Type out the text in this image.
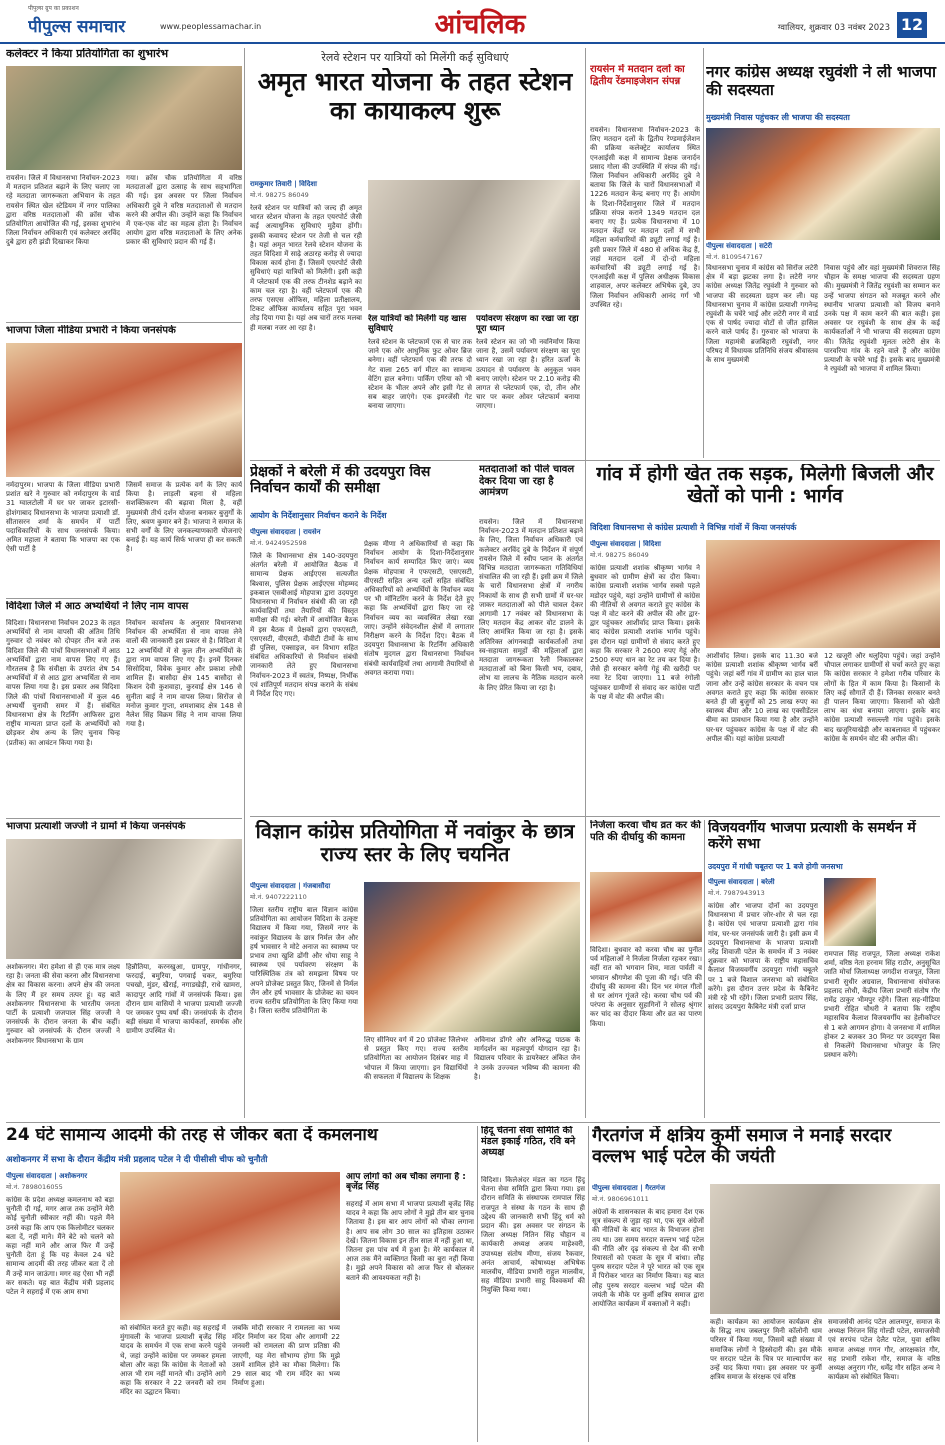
पीपुल्स समाचार
पीपुल्स ग्रुप का प्रकाशन
www.peoplessamachar.in	आंचलिक	ग्वालियर, शुक्रवार 03 नवंबर 2023 12
कलेक्टर ने किया प्रतियोगिता का शुभारंभ
रायसेन। जिले में विधानसभा निर्वाचन-2023 में मतदान प्रतिशत बढ़ाने के लिए चलाए जा रहे मतदाता जागरूकता अभियान के तहत रायसेन स्थित खेल स्टेडियम में नगर पालिका द्वारा वरिष्ठ मतदाताओं की क्रॉस चौक प्रतियोगिता आयोजित की गई, इसका शुभारंभ जिला निर्वाचन अधिकारी एवं कलेक्टर अरविंद दुबे द्वारा हरी झंडी दिखाकर किया
गया। क्रॉस चौक प्रतियोगिता में वरिष्ठ मतदाताओं द्वारा उत्साह के साथ सहभागिता की गई। इस अवसर पर जिला निर्वाचन अधिकारी दुबे ने वरिष्ठ मतदाताओं से मतदान करने की अपील की। उन्होंने कहा कि निर्वाचन में एक-एक वोट का महत्व होता है। निर्वाचन आयोग द्वारा वरिष्ठ मतदाताओं के लिए अनेक प्रकार की सुविधाएं प्रदान की गई हैं।
भाजपा जिला मीडिया प्रभारी ने किया जनसंपर्क
नर्मदापुरम। भाजपा के जिला मीडिया प्रभारी प्रशांत खरे ने गुरुवार को नर्मदापुरम के वार्ड 31 ग्वालटोली में घर घर जाकर इटारसी-होशंगाबाद विधानसभा के भाजपा प्रत्याशी डॉ. सीतासरन शर्मा के समर्थन में पार्टी पदाधिकारियों के साथ जनसंपर्क किया। अमित महाला ने बताया कि भाजपा का एक ऐसी पार्टी है
जिसमें समाज के प्रत्येक वर्ग के लिए कार्य किया है। लाड़ली बहना से महिला सशक्तिकरण की बढ़ावा मिला है, वहीं मुख्यमंत्री तीर्थ दर्शन योजना बनाकर बुजुर्गों के लिए, श्रवण कुमार बने हैं। भाजपा ने समाज के सभी वर्गों के लिए जनकल्याणकारी योजनाएं बनाई हैं। यह कार्य सिर्फ भाजपा ही कर सकती है।
विदिशा जिले में आठ अभ्यर्थियों ने लिए नाम वापस
विदिशा। विधानसभा निर्वाचन 2023 के तहत अभ्यर्थियों से नाम वापसी की अंतिम तिथि गुरुवार दो नवंबर को दोपहर तीन बजे तक विदिशा जिले की पांचों विधानसभाओं में आठ अभ्यर्थियों द्वारा नाम वापस लिए गए हैं। गौरतलब है कि संवीक्षा के उपरांत शेष 54 अभ्यर्थियों में से आठ द्वारा अभ्यर्थिता से नाम वापस लिया गया है। इस प्रकार अब विदिशा जिले की पांचों विधानसभाओं में कुल 46 अभ्यर्थी चुनावी समर में हैं। संबंधित विधानसभा क्षेत्र के रिटर्निंग आफिसर द्वारा राष्ट्रीय मान्यता प्राप्त दलों के अभ्यर्थियों को छोड़कर शेष अन्य के लिए चुनाव चिन्ह (प्रतीक) का आवंटन किया गया है।
निर्वाचन कार्यालय के अनुसार विधानसभा निर्वाचन की अभ्यर्थिता से नाम वापस लेने वालों की जानकारी इस प्रकार से है। विदिशा में 12 अभ्यर्थियों में से कुल तीन अभ्यर्थियों के द्वारा नाम वापस लिए गए हैं। इनमें दिनकर सिसोदिया, विवेक कुमार और प्रकाश लोधी शामिल हैं। बासौदा क्षेत्र 145 बासौदा से किशन देवी कुशवाहा, कुरवाई क्षेत्र 146 से सुनीता बाई ने नाम वापस लिया। सिरोंज से मनोज कुमार गुप्ता, शमशाबाद क्षेत्र 148 से नैलेश सिंह विक्रम सिंह ने नाम वापस लिया गया है।
भाजपा प्रत्याशी जज्जी ने ग्रामों में किया जनसंपर्क
अशोकनगर। मेरा हमेशा से ही एक मात्र लक्ष्य रहा है। जनता की सेवा करना और विधानसभा क्षेत्र का विकास करना। अपने क्षेत्र की जनता के लिए मैं हर समय तत्पर हूं। यह बातें अशोकनगर विधानसभा के भारतीय जनता पार्टी के प्रत्याशी जजपाल सिंह जज्जी ने जनसंपर्क के दौरान जनता के बीच कहीं। गुरुवार को जनसंपर्क के दौरान जज्जी ने अशोकनगर विधानसभा के ग्राम
हिन्नौतिया, करनखुआ, ग्रामपुर, गांधीनगर, फरदाई, बमुरिया, पगवाई चकर, बमुरिया पचखो, मुंडर, खैराई, नगाडखेड़ी, राधे खामरा, कादापुर आदि गांवों में जनसंपर्क किया। इस दौरान ग्राम वासियों ने भाजपा प्रत्याशी जज्जी पर जमकर पुष्प वर्षा की। जनसंपर्क के दौरान बड़ी संख्या में भाजपा कार्यकर्ता, समर्थक और ग्रामीण उपस्थित थे।
रेलवे स्टेशन पर यात्रियों को मिलेंगी कई सुविधाएं
अमृत भारत योजना के तहत स्टेशन का कायाकल्प शुरू
रामकुमार तिवारी | विदिशा
मो.नं. 98275 86049
रेलवे स्टेशन पर यात्रियों को जल्द ही अमृत भारत स्टेशन योजना के तहत एयरपोर्ट जैसी कई अत्याधुनिक सुविधाएं मुहैया होंगी। इसकी कवायद स्टेशन पर तेजी से चल रही है। यहां अमृत भारत रेलवे स्टेशन योजना के तहत विदिशा में साढ़े अठारह करोड़ से ज्यादा विकास कार्य होना हैं। जिसमें एयरपोर्ट जैसी सुविधाएं यहां यात्रियों को मिलेंगी। इसी कड़ी में प्लेटफार्म एक की तरफ टीनशेड बढ़ाने का काम चल रहा है। वहीं प्लेटफार्म एक की तरफ एसएस ऑफिस, महिला प्रतीक्षालय, टिकट ऑफिस कार्यालय सहित पूरा भवन तोड़ दिया गया है। यहां अब चारों तरफ मलबा ही मलबा नजर आ रहा है।
रेल यात्रियों को मिलेंगी यह खास सुविधाएं
रेलवे स्टेशन के प्लेटफार्म एक से चार तक जाने एक ओर आधुनिक फुट ओवर ब्रिज बनेगा। वहीं प्लेटफार्म एक की तरफ दो गेट वाला 265 वर्ग मीटर का सामान्य वेटिंग हाल बनेगा। पार्किंग एरिया को भी स्टेशन के भीतर अपने और इसी गेट से सब बाहर जाएंगे। एक इमरजेंसी गेट बनाया जाएगा।
पर्यावरण संरक्षण का रखा जा रहा पूरा ध्यान
रेलवे स्टेशन का जो भी नवनिर्माण किया जाना है, उसमें पर्यावरण संरक्षण का पूरा ध्यान रखा जा रहा है। हरित ऊर्जा के उत्पादन से पर्यावरण के अनुकूल भवन बनाए जाएंगे। स्टेशन पर 2.10 करोड़ की लागत से प्लेटफार्म एक, दो, तीन और चार पर कवर ओवर प्लेटफार्म बनाया जाएगा।
रायसेन में मतदान दलों का द्वितीय रेंडमाइजेशन संपन्न
रायसेन। विधानसभा निर्वाचन-2023 के लिए मतदान दलों के द्वितीय रेण्डमाईजेशन की प्रक्रिया कलेक्ट्रेट कार्यालय स्थित एनआईसी कक्ष में सामान्य प्रेक्षक जनार्दन प्रसाद गोला की उपस्थिति में संपन्न की गई। जिला निर्वाचन अधिकारी अरविंद दुबे ने बताया कि जिले के चारों विधानसभाओं में 1226 मतदान केन्द्र बनाए गए हैं। आयोग के दिशा-निर्देशानुसार जिले में मतदान प्रक्रिया संपन्न कराने 1349 मतदान दल बनाए गए हैं। प्रत्येक विधानसभा में 10 मतदान केंद्रों पर मतदान दलों में सभी महिला कर्मचारियों की ड्यूटी लगाई गई है। इसी प्रकार जिले में 480 से अधिक केंद्र हैं, जहां मतदान दलों में दो-दो महिला कर्मचारियों की ड्यूटी लगाई गई है। एनआईसी कक्ष में पुलिस अधीक्षक विकास शाहवाल, अपर कलेक्टर अभिषेक दुबे, उप जिला निर्वाचन अधिकारी आनंद गर्ग भी उपस्थित रहे।
नगर कांग्रेस अध्यक्ष रघुवंशी ने ली भाजपा की सदस्यता
मुख्यमंत्री निवास पहुंचकर ली भाजपा की सदस्यता
पीपुल्स संवाददाता | सटेरी
मो.नं. 8109547167
विधानसभा चुनाव में कांग्रेस को सिरोंज लटेरी क्षेत्र में बड़ा झटका लगा है। लटेरी नगर कांग्रेस अध्यक्ष जितेंद्र रघुवंशी ने गुरुवार को भाजपा की सदस्यता ग्रहण कर ली। यह विधानसभा चुनाव में कांग्रेस प्रत्याशी गगनेन्द्र रघुवंशी के चचेरे भाई और लटेरी नगर में वार्ड एक से पार्षद ज्यादा वोटों से जीत हासिल करने वाले पार्षद हैं। गुरुवार को भाजपा के जिला महामंत्री ब्रजबिहारी रघुवंशी, नगर परिषद में विधायक प्रतिनिधि संजय श्रीवास्तव के साथ मुख्यमंत्री
निवास पहुंचे और वहां मुख्यमंत्री शिवराज सिंह चौहान के समक्ष भाजपा की सदस्यता ग्रहण की। मुख्यमंत्री ने जितेंद्र रघुवंशी का सम्मान कर उन्हें भाजपा संगठन को मजबूत करने और स्थानीय भाजपा प्रत्याशी को विजय बनाने उनके पक्ष में काम करने की बात कही। इस अवसर पर रघुवंशी के साथ क्षेत्र के कई कार्यकर्ताओं ने भी भाजपा की सदस्यता ग्रहण की। जितेंद्र रघुवंशी मूलतः लटेरी क्षेत्र के पारवरिया गांव के रहने वाले हैं और कांग्रेस प्रत्याशी के चचेरे भाई हैं। इसके बाद मुख्यमंत्री ने रघुवंशी को भाजपा में शामिल किया।
प्रेक्षकों ने बरेली में की उदयपुरा विस निर्वाचन कार्यों की समीक्षा
आयोग के निर्देशानुसार निर्वाचन कराने के निर्देश
पीपुल्स संवाददाता | रायसेन
मो.नं. 9424952598
जिले के विधानसभा क्षेत्र 140-उदयपुरा अंतर्गत बरेली में आयोजित बैठक में सामान्य प्रेक्षक आईएएस सत्यजीत बिश्वास, पुलिस प्रेक्षक आईएएस मोहम्मद इकबाल एसबीआई मोहपात्रा द्वारा उदयपुरा विधानसभा में निर्वाचन संबंधी की जा रही कार्यवाहियों तथा तैयारियों की विस्तृत समीक्षा की गई। बरेली में आयोजित बैठक में इस बैठक में प्रेक्षकों द्वारा एफएसटी, एसएसटी, वीएसटी, वीवीटी टीमों के साथ ही पुलिस, एक्साइज, वन विभाग सहित संबंधित अधिकारियों से निर्वाचन संबंधी जानकारी लेते हुए विधानसभा निर्वाचन-2023 में स्वतंत्र, निष्पक्ष, निर्भीक एवं शांतिपूर्ण मतदान संपन्न कराने के संबंध में निर्देश दिए गए।
प्रेक्षक मीणा ने अधिकारियों से कहा कि निर्वाचन आयोग के दिशा-निर्देशानुसार निर्वाचन कार्य सम्पादित किए जाएं। व्यय प्रेक्षक मोहपात्रा ने एफएसटी, एसएसटी, वीएसटी सहित अन्य दलों सहित संबंधित अधिकारियों को अभ्यर्थियों के निर्वाचन व्यय पर भी मॉनिटरिंग करने के निर्देश देते हुए कहा कि अभ्यर्थियों द्वारा किए जा रहे निर्वाचन व्यय का व्यवस्थित लेखा रखा जाए। उन्होंने संवेदनशील क्षेत्रों में लगातार निरीक्षण करने के निर्देश दिए। बैठक में उदयपुरा विधानसभा के रिटर्निंग अधिकारी संतोष मुदगल द्वारा विधानसभा निर्वाचन संबंधी कार्यवाहियों तथा आगामी तैयारियों से अवगत कराया गया।
मतदाताओं को पीले चावल देकर दिया जा रहा है आमंत्रण
रायसेन। जिले में विधानसभा निर्वाचन-2023 में मतदान प्रतिशत बढ़ाने के लिए, जिला निर्वाचन अधिकारी एवं कलेक्टर अरविंद दुबे के निर्देशन में संपूर्ण रायसेन जिले में स्वीप प्लान के अंतर्गत विभिन्न मतदाता जागरूकता गतिविधियां संचालित की जा रही हैं। इसी क्रम में जिले के चारों विधानसभा क्षेत्रों में नगरीय निकायों के साथ ही सभी ग्रामों में घर-घर जाकर मतदाताओं को पीले चावल देकर आगामी 17 नवंबर को विधानसभा के लिए मतदान केंद्र आकर वोट डालने के लिए आमंत्रित किया जा रहा है। इसके अतिरिक्त आंगनबाड़ी कार्यकर्ताओं तथा स्व-सहायता समूहों की महिलाओं द्वारा मतदाता जागरूकता रैली निकालकर मतदाताओं को बिना किसी भय, दबाव, लोभ या लालच के नैतिक मतदान करने के लिए प्रेरित किया जा रहा है।
गांव में होगी खेत तक सड़क, मिलेगी बिजली और खेतों को पानी : भार्गव
विदिशा विधानसभा से कांग्रेस प्रत्याशी ने विभिन्न गांवों में किया जनसंपर्क
पीपुल्स संवाददाता | विदिशा
मो.नं. 98275 86049
कांग्रेस प्रत्याशी शशांक श्रीकृष्ण भार्गव ने बुधवार को ग्रामीण क्षेत्रों का दौरा किया। कांग्रेस प्रत्याशी शशांक भार्गव सबसे पहले मडोदर पहुंचे, यहां उन्होंने ग्रामीणों से कांग्रेस की नीतियों से अवगत कराते हुए कांग्रेस के पक्ष में वोट करने की अपील की और द्वार-द्वार पहुंचकर आशीर्वाद प्राप्त किया। इसके बाद कांग्रेस प्रत्याशी शशांक भार्गव पहुंचे। इस दौरान यहां ग्रामीणों से संवाद करते हुए कहा कि सरकार ने 2600 रुपए गेहूं और 2500 रुपए धान का रेट तय कर दिया है। जैसे ही सरकार बनेगी गेहूं की खरीदी पर नया रेट दिया जाएगा। 11 बजे रंगोली पहुंचकर ग्रामीणों से संवाद कर कांग्रेस पार्टी के पक्ष में वोट की अपील की।
आशीर्वाद लिया। इसके बाद 11.30 बजे कांग्रेस प्रत्याशी शशांक श्रीकृष्ण भार्गव बर्री पहुंचे। जहां बर्री गांव में ग्रामीण का हाल चाल जाना और उन्हें कांग्रेस सरकार के वचन पत्र अवगत कराते हुए कहा कि कांग्रेस सरकार बनते ही जी बुजुर्गों को 25 लाख रुपए का स्वास्थ्य बीमा और 10 लाख का एक्सीडेंटल बीमा का प्रावधान किया गया है और उन्होंने घर-घर पहुंचकर कांग्रेस के पक्ष में वोट की अपील की। यहां कांग्रेस प्रत्याशी
12 खजूरी और थलुदिया पहुंचे। जहां उन्होंने चौपाल लगाकर ग्रामीणों से चर्चा करते हुए कहा कि कांग्रेस सरकार ने हमेशा गरीब परिवार के लोगों के हित में काम किया है। किसानों के लिए कई सौगातें दी हैं। जिनका सरकार बनते ही पालन किया जाएगा। किसानों को खेती लाभ का धंधा बनाया जाएगा। इसके बाद कांग्रेस प्रत्याशी रुसल्ल्ली गांव पहुंचे। इसके बाद खजूरियाखेड़ी और काबलावत में पहुंचकर कांग्रेस के समर्थन वोट की अपील की।
विज्ञान कांग्रेस प्रतियोगिता में नवांकुर के छात्र राज्य स्तर के लिए चयनित
पीपुल्स संवाददाता | गंजबासौदा
मो.नं. 9407222110
जिला स्तरीय राष्ट्रीय बाल विज्ञान कांग्रेस प्रतियोगिता का आयोजन विदिशा के उत्कृष्ट विद्यालय में किया गया, जिसमें नगर के नवांकुर विद्यालय के छात्र निर्मल जैन और हर्ष भावसार ने मोटे अनाज का स्वास्थ्य पर प्रभाव तथा खुशि ढोंगी और धोया साहू ने स्वास्थ्य एवं पर्यावरण संरक्षण के पारिस्थितिक तंत्र को समझना विषय पर अपने प्रोजेक्ट प्रस्तुत किए, जिनमें से निर्मल जैन और हर्ष भावसार के प्रोजेक्ट का चयन राज्य स्तरीय प्रतियोगिता के लिए किया गया है। जिला स्तरीय प्रतियोगिता के
लिए सीनियर वर्ग में 20 प्रोजेक्ट जिलेभर से प्रस्तुत किए गए। राज्य स्तरीय प्रतियोगिता का आयोजन दिसंबर माह में भोपाल में किया जाएगा। इन विद्यार्थियों की सफलता में विद्यालय के शिक्षक
अविनाश डोंगरे और अनिरुद्ध पाठक के मार्गदर्शन का महत्वपूर्ण योगदान रहा है। विद्यालय परिवार के डायरेक्टर अंकित जैन ने उनके उज्ज्वल भविष्य की कामना की है।
निर्जला करवा चौथ व्रत कर की पति की दीर्घायु की कामना
विदिशा। बुधवार को करवा चौथ का पुनीत पर्व महिलाओं ने निर्जला निर्जला रहकर रखा। वहीं रात को भगवान शिव, माता पार्वती व भगवान श्रीगणेश की पूजा की गई। पति की दीर्घायु की कामना की। दिन भर मंगल गीतों से घर आंगन गूंजते रहे। करवा चौथ पर्व की परंपरा के अनुसार सुहागिनों ने सोलह श्रृंगार कर चांद का दीदार किया और व्रत का पारण किया।
विजयवर्गीय भाजपा प्रत्याशी के समर्थन में करेंगे सभा
उदयपुरा में गांधी चबूतरा पर 1 बजे होगी जनसभा
पीपुल्स संवाददाता | बरेली
मो.नं. 7987943913
कांग्रेस और भाजपा दोनों का उदयपुरा विधानसभा में प्रचार जोर-शोर से चल रहा है। कांग्रेस एवं भाजपा प्रत्याशी द्वारा गांव गांव, घर-घर जनसंपर्क जारी है। इसी क्रम में उदयपुरा विधानसभा के भाजपा प्रत्याशी नरेंद्र शिवाजी पटेल के समर्थन में 3 नवंबर शुक्रवार को भाजपा के राष्ट्रीय महासचिव कैलाश विजयवर्गीय उदयपुरा गांधी चबूतरे पर 1 बजे विशाल जनसभा को संबोधित करेंगे। इस दौरान उत्तर प्रदेश के कैबिनेट मंत्री रहे भी रहेंगे। जिला प्रभारी प्रताप सिंह, सांसद उदयपुरा कैबिनेट मंत्री दर्जा प्राप्त
रामपाल सिंह राजपूत, जिला अध्यक्ष राकेश शर्मा, वरिष्ठ नेता हरनाम सिंह राठौर, अनुसूचित जाति मोर्चा जिलाध्यक्ष जगदीश राजपूत, जिला प्रभारी सुधीर अग्रवाल, विधानसभा संयोजक प्रहलाद लोधी, केंद्रीय जिला प्रभारी संतोष गौर रामेंद्र ठाकुर भीमपुर रहेंगे। जिला सह-मीडिया प्रभारी रोहित चौधरी ने बताया कि राष्ट्रीय महासचिव कैलाश विजयवर्गीय का हेलीकॉप्टर से 1 बजे आगमन होगा। वे जनसभा में शामिल होकर 2 बजकर 30 मिनट पर उदयपुरा बिस से निकलेंगे विधानसभा भोजपुर के लिए प्रस्थान करेंगे।
24 घंटे सामान्य आदमी की तरह से जीकर बता दें कमलनाथ
अशोकनगर में सभा के दौरान केंद्रीय मंत्री प्रहलाद पटेल ने दी पीसीसी चीफ को चुनौती
पीपुल्स संवाददाता | अशोकनगर
मो.नं. 7898016055
कांग्रेस के प्रदेश अध्यक्ष कमलनाथ को बड़ा चुनौती दी गई, मगर आज तक उन्होंने मेरी कोई चुनौती स्वीकार नहीं की। पहले मैंने उनसे कहा कि आप एक किलोमीटर चलकर बता दें, नहीं माने। मैंने बेटे को चलने को कहा नहीं माने और आज फिर मैं उन्हें चुनौती देता हूं कि यह केवल 24 घंटे सामान्य आदमी की तरह जीकर बता दें तो मैं उन्हें मान जाऊंगा। मगर वह ऐसा भी नहीं कर सकते। यह बात केंद्रीय मंत्री प्रहलाद पटेल ने सहराई में एक आम सभा
को संबोधित करते हुए कही। वह सहराई में मुंगावली के भाजपा प्रत्याशी बृजेंद्र सिंह यादव के समर्थन में एक सभा करने पहुंचे थे, जहां उन्होंने कांग्रेस पर जमकर हमला बोला और कहा कि कांग्रेस के नेताओं को आज भी राम नहीं मानते थी। उन्होंने आगे कहा कि सरकार ने 22 जनवरी को राम मंदिर का उद्घाटन किया।
जबकि मोदी सरकार ने रामलला का भव्य मंदिर निर्माण कर दिया और आगामी 22 जनवरी को रामलला की प्राण प्रतिष्ठा की जाएगी, यह मेरा सौभाग्य होगा कि मुझे उसमें शामिल होने का मौका मिलेगा। कि 29 साल बाद भी राम मंदिर का भव्य निर्माण हुआ।
आप लोगों को अब चौका लगाना है : बृजेंद्र सिंह
सहराई में आम सभा में भाजपा प्रत्याशी बृजेंद्र सिंह यादव ने कहा कि आप लोगों ने मुझे तीन बार चुनाव जिताया है। इस बार आप लोगों को चौका लगाना है। आप सब लोग 30 साल का इतिहास उठाकर देखें। जितना विकास इन तीन साल में नहीं हुआ था, जितना इस पांच वर्ष में हुआ है। मेरे कार्यकाल में आज तक मैंने व्यक्तिगत किसी का बुरा नहीं किया है। मुझे अपने विकास को आज फिर से बोलकर बताने की आवश्यकता नहीं है।
हिंदू चेतना सेवा समिति की मंडल इकाई गठित, रवि बने अध्यक्ष
विदिशा। किलेअंदर मंडल का गठन हिंदू चेतना सेवा समिति द्वारा किया गया। इस दौरान समिति के संस्थापक रामपाल सिंह राजपूत ने संस्था के गठन के साथ ही उद्देश्य की जानकारी सभी हिंदू धर्म को प्रदान की। इस अवसर पर संगठन के जिला अध्यक्ष नितिन सिंह चौहान व कार्यकारी अध्यक्ष अजय माहेश्वरी, उपाध्यक्ष संतोष मीणा, संजय रैकवार, अनंत आचार्य, कोषाध्यक्ष अभिषेक मालवीय, मीडिया प्रभारी राहुल मालवीय, सह मीडिया प्रभारी साहू विश्वकर्मा की नियुक्ति किया गया।
गैरतगंज में क्षत्रिय कुर्मी समाज ने मनाई सरदार वल्लभ भाई पटेल की जयंती
पीपुल्स संवाददाता | गैरतगंज
मो.नं. 9806961011
अंग्रेजों के शासनकाल के बाद हमारा देश एक सूत्र संकल्प से जुड़ा रहा था, एक सूत्र अंग्रेजों की नीतियों के बाद भारत के विभाजन होना तय था। उस समय सरदार वल्लभ भाई पटेल की नीति और दृढ़ संकल्प से देश की सभी रियासतों को एकता के सूत्र में बांधा। लौह पुरुष सरदार पटेल ने पूरे भारत को एक सूत्र में पिरोकर भारत का निर्माण किया। यह बात लौह पुरुष सरदार वल्लभ भाई पटेल की जयंती के मौके पर कुर्मी क्षत्रिय समाज द्वारा आयोजित कार्यक्रम में वक्ताओं ने कही।
कही। कार्यक्रम का आयोजन कार्यक्रम क्षेत्र के सिद्ध नाथ जबलपुर मिनी कॉलोनी धाम परिसर में किया गया, जिसमें बड़ी संख्या में समाजिक लोगों ने हिस्सेदारी की। इस मौके पर सरदार पटेल के चित्र पर माल्यार्पण कर उन्हें याद किया गया। इस अवसर पर कुर्मी क्षत्रिय समाज के संरक्षक एवं वरिष्ठ
समाजसेवी आनंद पटेल आलमपुर, समाज के अध्यक्ष निरंजन सिंह गोल्डी पटेल, समाजसेवी एवं सरपंच पटेल देलैट पटेल, युवा क्षत्रिय समाज अध्यक्ष गगन गौर, आरक्षकांत गौर, सह प्रभारी राकेश गौर, समाज के वरिष्ठ अध्यक्ष अनुराग गौर, धर्मेंद्र गौर सहित अन्य ने कार्यक्रम को संबोधित किया।
